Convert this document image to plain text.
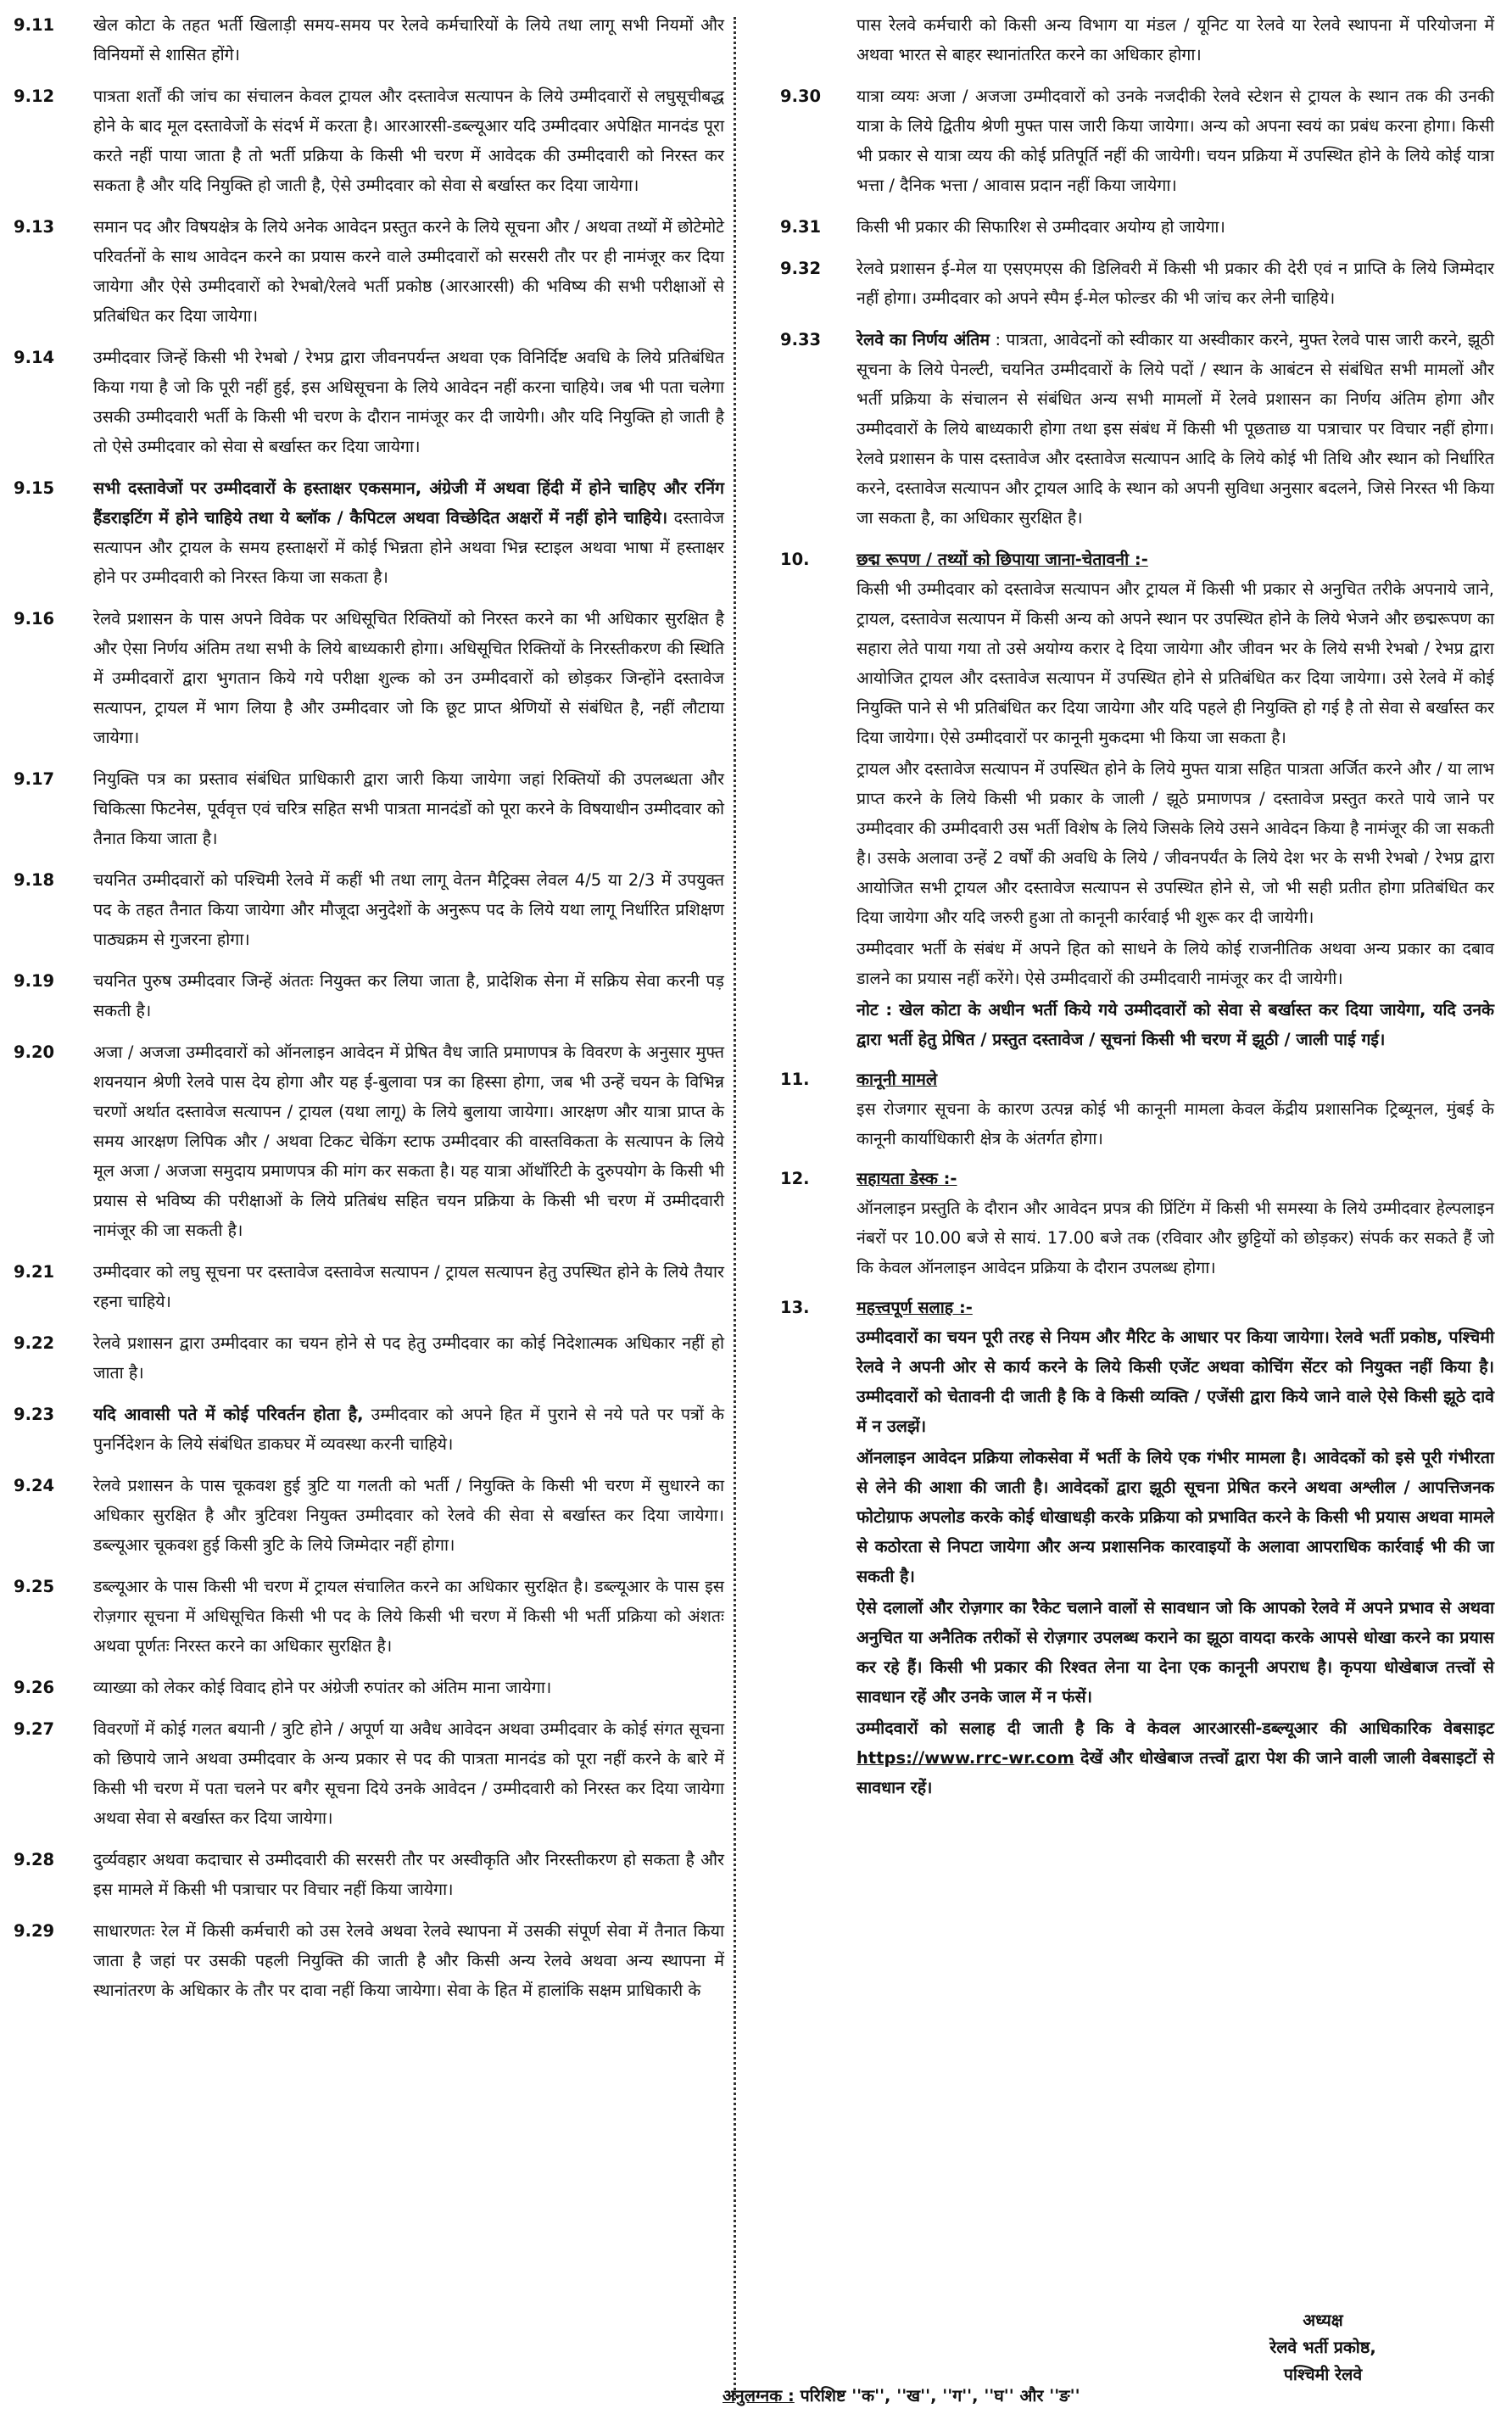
9.11	खेल कोटा के तहत भर्ती खिलाड़ी समय-समय पर रेलवे कर्मचारियों के लिये तथा लागू सभी नियमों और विनियमों से शासित होंगे।
9.12	पात्रता शर्तों की जांच का संचालन केवल ट्रायल और दस्तावेज सत्यापन के लिये उम्मीदवारों से लघुसूचीबद्ध होने के बाद मूल दस्तावेजों के संदर्भ में करता है। आरआरसी-डब्ल्यूआर यदि उम्मीदवार अपेक्षित मानदंड पूरा करते नहीं पाया जाता है तो भर्ती प्रक्रिया के किसी भी चरण में आवेदक की उम्मीदवारी को निरस्त कर सकता है और यदि नियुक्ति हो जाती है, ऐसे उम्मीदवार को सेवा से बर्खास्त कर दिया जायेगा।
9.13	समान पद और विषयक्षेत्र के लिये अनेक आवेदन प्रस्तुत करने के लिये सूचना और / अथवा तथ्यों में छोटेमोटे परिवर्तनों के साथ आवेदन करने का प्रयास करने वाले उम्मीदवारों को सरसरी तौर पर ही नामंजूर कर दिया जायेगा और ऐसे उम्मीदवारों को रेभबो/रेलवे भर्ती प्रकोष्ठ (आरआरसी) की भविष्य की सभी परीक्षाओं से प्रतिबंधित कर दिया जायेगा।
9.14	उम्मीदवार जिन्हें किसी भी रेभबो / रेभप्र द्वारा जीवनपर्यन्त अथवा एक विनिर्दिष्ट अवधि के लिये प्रतिबंधित किया गया है जो कि पूरी नहीं हुई, इस अधिसूचना के लिये आवेदन नहीं करना चाहिये। जब भी पता चलेगा उसकी उम्मीदवारी भर्ती के किसी भी चरण के दौरान नामंजूर कर दी जायेगी। और यदि नियुक्ति हो जाती है तो ऐसे उम्मीदवार को सेवा से बर्खास्त कर दिया जायेगा।
9.15	सभी दस्तावेजों पर उम्मीदवारों के हस्ताक्षर एकसमान, अंग्रेजी में अथवा हिंदी में होने चाहिए और रनिंग हैंडराइटिंग में होने चाहिये तथा ये ब्लॉक / कैपिटल अथवा विच्छेदित अक्षरों में नहीं होने चाहिये। दस्तावेज सत्यापन और ट्रायल के समय हस्ताक्षरों में कोई भिन्नता होने अथवा भिन्न स्टाइल अथवा भाषा में हस्ताक्षर होने पर उम्मीदवारी को निरस्त किया जा सकता है।
9.16	रेलवे प्रशासन के पास अपने विवेक पर अधिसूचित रिक्तियों को निरस्त करने का भी अधिकार सुरक्षित है और ऐसा निर्णय अंतिम तथा सभी के लिये बाध्यकारी होगा। अधिसूचित रिक्तियों के निरस्तीकरण की स्थिति में उम्मीदवारों द्वारा भुगतान किये गये परीक्षा शुल्क को उन उम्मीदवारों को छोड़कर जिन्होंने दस्तावेज सत्यापन, ट्रायल में भाग लिया है और उम्मीदवार जो कि छूट प्राप्त श्रेणियों से संबंधित है, नहीं लौटाया जायेगा।
9.17	नियुक्ति पत्र का प्रस्ताव संबंधित प्राधिकारी द्वारा जारी किया जायेगा जहां रिक्तियों की उपलब्धता और चिकित्सा फिटनेस, पूर्ववृत्त एवं चरित्र सहित सभी पात्रता मानदंडों को पूरा करने के विषयाधीन उम्मीदवार को तैनात किया जाता है।
9.18	चयनित उम्मीदवारों को पश्चिमी रेलवे में कहीं भी तथा लागू वेतन मैट्रिक्स लेवल 4/5 या 2/3 में उपयुक्त पद के तहत तैनात किया जायेगा और मौजूदा अनुदेशों के अनुरूप पद के लिये यथा लागू निर्धारित प्रशिक्षण पाठ्यक्रम से गुजरना होगा।
9.19	चयनित पुरुष उम्मीदवार जिन्हें अंततः नियुक्त कर लिया जाता है, प्रादेशिक सेना में सक्रिय सेवा करनी पड़ सकती है।
9.20	अजा / अजजा उम्मीदवारों को ऑनलाइन आवेदन में प्रेषित वैध जाति प्रमाणपत्र के विवरण के अनुसार मुफ्त शयनयान श्रेणी रेलवे पास देय होगा और यह ई-बुलावा पत्र का हिस्सा होगा, जब भी उन्हें चयन के विभिन्न चरणों अर्थात दस्तावेज सत्यापन / ट्रायल (यथा लागू) के लिये बुलाया जायेगा। आरक्षण और यात्रा प्राप्त के समय आरक्षण लिपिक और / अथवा टिकट चेकिंग स्टाफ उम्मीदवार की वास्तविकता के सत्यापन के लिये मूल अजा / अजजा समुदाय प्रमाणपत्र की मांग कर सकता है। यह यात्रा ऑथॉरिटी के दुरुपयोग के किसी भी प्रयास से भविष्य की परीक्षाओं के लिये प्रतिबंध सहित चयन प्रक्रिया के किसी भी चरण में उम्मीदवारी नामंजूर की जा सकती है।
9.21	उम्मीदवार को लघु सूचना पर दस्तावेज दस्तावेज सत्यापन / ट्रायल सत्यापन हेतु उपस्थित होने के लिये तैयार रहना चाहिये।
9.22	रेलवे प्रशासन द्वारा उम्मीदवार का चयन होने से पद हेतु उम्मीदवार का कोई निदेशात्मक अधिकार नहीं हो जाता है।
9.23	यदि आवासी पते में कोई परिवर्तन होता है, उम्मीदवार को अपने हित में पुराने से नये पते पर पत्रों के पुनर्निदेशन के लिये संबंधित डाकघर में व्यवस्था करनी चाहिये।
9.24	रेलवे प्रशासन के पास चूकवश हुई त्रुटि या गलती को भर्ती / नियुक्ति के किसी भी चरण में सुधारने का अधिकार सुरक्षित है और त्रुटिवश नियुक्त उम्मीदवार को रेलवे की सेवा से बर्खास्त कर दिया जायेगा। डब्ल्यूआर चूकवश हुई किसी त्रुटि के लिये जिम्मेदार नहीं होगा।
9.25	डब्ल्यूआर के पास किसी भी चरण में ट्रायल संचालित करने का अधिकार सुरक्षित है। डब्ल्यूआर के पास इस रोज़गार सूचना में अधिसूचित किसी भी पद के लिये किसी भी चरण में किसी भी भर्ती प्रक्रिया को अंशतः अथवा पूर्णतः निरस्त करने का अधिकार सुरक्षित है।
9.26	व्याख्या को लेकर कोई विवाद होने पर अंग्रेजी रुपांतर को अंतिम माना जायेगा।
9.27	विवरणों में कोई गलत बयानी / त्रुटि होने / अपूर्ण या अवैध आवेदन अथवा उम्मीदवार के कोई संगत सूचना को छिपाये जाने अथवा उम्मीदवार के अन्य प्रकार से पद की पात्रता मानदंड को पूरा नहीं करने के बारे में किसी भी चरण में पता चलने पर बगैर सूचना दिये उनके आवेदन / उम्मीदवारी को निरस्त कर दिया जायेगा अथवा सेवा से बर्खास्त कर दिया जायेगा।
9.28	दुर्व्यवहार अथवा कदाचार से उम्मीदवारी की सरसरी तौर पर अस्वीकृति और निरस्तीकरण हो सकता है और इस मामले में किसी भी पत्राचार पर विचार नहीं किया जायेगा।
9.29	साधारणतः रेल में किसी कर्मचारी को उस रेलवे अथवा रेलवे स्थापना में उसकी संपूर्ण सेवा में तैनात किया जाता है जहां पर उसकी पहली नियुक्ति की जाती है और किसी अन्य रेलवे अथवा अन्य स्थापना में स्थानांतरण के अधिकार के तौर पर दावा नहीं किया जायेगा। सेवा के हित में हालांकि सक्षम प्राधिकारी के
पास रेलवे कर्मचारी को किसी अन्य विभाग या मंडल / यूनिट या रेलवे या रेलवे स्थापना में परियोजना में अथवा भारत से बाहर स्थानांतरित करने का अधिकार होगा।
9.30	यात्रा व्ययः अजा / अजजा उम्मीदवारों को उनके नजदीकी रेलवे स्टेशन से ट्रायल के स्थान तक की उनकी यात्रा के लिये द्वितीय श्रेणी मुफ्त पास जारी किया जायेगा। अन्य को अपना स्वयं का प्रबंध करना होगा। किसी भी प्रकार से यात्रा व्यय की कोई प्रतिपूर्ति नहीं की जायेगी। चयन प्रक्रिया में उपस्थित होने के लिये कोई यात्रा भत्ता / दैनिक भत्ता / आवास प्रदान नहीं किया जायेगा।
9.31	किसी भी प्रकार की सिफारिश से उम्मीदवार अयोग्य हो जायेगा।
9.32	रेलवे प्रशासन ई-मेल या एसएमएस की डिलिवरी में किसी भी प्रकार की देरी एवं न प्राप्ति के लिये जिम्मेदार नहीं होगा। उम्मीदवार को अपने स्पैम ई-मेल फोल्डर की भी जांच कर लेनी चाहिये।
9.33	रेलवे का निर्णय अंतिम : पात्रता, आवेदनों को स्वीकार या अस्वीकार करने, मुफ्त रेलवे पास जारी करने, झूठी सूचना के लिये पेनल्टी, चयनित उम्मीदवारों के लिये पदों / स्थान के आबंटन से संबंधित सभी मामलों और भर्ती प्रक्रिया के संचालन से संबंधित अन्य सभी मामलों में रेलवे प्रशासन का निर्णय अंतिम होगा और उम्मीदवारों के लिये बाध्यकारी होगा तथा इस संबंध में किसी भी पूछताछ या पत्राचार पर विचार नहीं होगा। रेलवे प्रशासन के पास दस्तावेज और दस्तावेज सत्यापन आदि के लिये कोई भी तिथि और स्थान को निर्धारित करने, दस्तावेज सत्यापन और ट्रायल आदि के स्थान को अपनी सुविधा अनुसार बदलने, जिसे निरस्त भी किया जा सकता है, का अधिकार सुरक्षित है।
10.	छद्म रूपण / तथ्यों को छिपाया जाना-चेतावनी :-

किसी भी उम्मीदवार को दस्तावेज सत्यापन और ट्रायल में किसी भी प्रकार से अनुचित तरीके अपनाये जाने, ट्रायल, दस्तावेज सत्यापन में किसी अन्य को अपने स्थान पर उपस्थित होने के लिये भेजने और छद्मरूपण का सहारा लेते पाया गया तो उसे अयोग्य करार दे दिया जायेगा और जीवन भर के लिये सभी रेभबो / रेभप्र द्वारा आयोजित ट्रायल और दस्तावेज सत्यापन में उपस्थित होने से प्रतिबंधित कर दिया जायेगा। उसे रेलवे में कोई नियुक्ति पाने से भी प्रतिबंधित कर दिया जायेगा और यदि पहले ही नियुक्ति हो गई है तो सेवा से बर्खास्त कर दिया जायेगा। ऐसे उम्मीदवारों पर कानूनी मुकदमा भी किया जा सकता है।

ट्रायल और दस्तावेज सत्यापन में उपस्थित होने के लिये मुफ्त यात्रा सहित पात्रता अर्जित करने और / या लाभ प्राप्त करने के लिये किसी भी प्रकार के जाली / झूठे प्रमाणपत्र / दस्तावेज प्रस्तुत करते पाये जाने पर उम्मीदवार की उम्मीदवारी उस भर्ती विशेष के लिये जिसके लिये उसने आवेदन किया है नामंजूर की जा सकती है। उसके अलावा उन्हें 2 वर्षों की अवधि के लिये / जीवनपर्यंत के लिये देश भर के सभी रेभबो / रेभप्र द्वारा आयोजित सभी ट्रायल और दस्तावेज सत्यापन से उपस्थित होने से, जो भी सही प्रतीत होगा प्रतिबंधित कर दिया जायेगा और यदि जरुरी हुआ तो कानूनी कार्रवाई भी शुरू कर दी जायेगी।

उम्मीदवार भर्ती के संबंध में अपने हित को साधने के लिये कोई राजनीतिक अथवा अन्य प्रकार का दबाव डालने का प्रयास नहीं करेंगे। ऐसे उम्मीदवारों की उम्मीदवारी नामंजूर कर दी जायेगी।

नोट : खेल कोटा के अधीन भर्ती किये गये उम्मीदवारों को सेवा से बर्खास्त कर दिया जायेगा, यदि उनके द्वारा भर्ती हेतु प्रेषित / प्रस्तुत दस्तावेज / सूचनां किसी भी चरण में झूठी / जाली पाई गई।

11.	कानूनी मामले

इस रोजगार सूचना के कारण उत्पन्न कोई भी कानूनी मामला केवल केंद्रीय प्रशासनिक ट्रिब्यूनल, मुंबई के कानूनी कार्याधिकारी क्षेत्र के अंतर्गत होगा।

12.	सहायता डेस्क :-

ऑनलाइन प्रस्तुति के दौरान और आवेदन प्रपत्र की प्रिंटिंग में किसी भी समस्या के लिये उम्मीदवार हेल्पलाइन नंबरों पर 10.00 बजे से सायं. 17.00 बजे तक (रविवार और छुट्टियों को छोड़कर) संपर्क कर सकते हैं जो कि केवल ऑनलाइन आवेदन प्रक्रिया के दौरान उपलब्ध होगा।

13.	महत्त्वपूर्ण सलाह :-

उम्मीदवारों का चयन पूरी तरह से नियम और मैरिट के आधार पर किया जायेगा। रेलवे भर्ती प्रकोष्ठ, पश्चिमी रेलवे ने अपनी ओर से कार्य करने के लिये किसी एजेंट अथवा कोचिंग सेंटर को नियुक्त नहीं किया है। उम्मीदवारों को चेतावनी दी जाती है कि वे किसी व्यक्ति / एजेंसी द्वारा किये जाने वाले ऐसे किसी झूठे दावे में न उलझें।

ऑनलाइन आवेदन प्रक्रिया लोकसेवा में भर्ती के लिये एक गंभीर मामला है। आवेदकों को इसे पूरी गंभीरता से लेने की आशा की जाती है। आवेदकों द्वारा झूठी सूचना प्रेषित करने अथवा अश्लील / आपत्तिजनक फोटोग्राफ अपलोड करके कोई धोखाधड़ी करके प्रक्रिया को प्रभावित करने के किसी भी प्रयास अथवा मामले से कठोरता से निपटा जायेगा और अन्य प्रशासनिक कारवाइयों के अलावा आपराधिक कार्रवाई भी की जा सकती है।

ऐसे दलालों और रोज़गार का रैकेट चलाने वालों से सावधान जो कि आपको रेलवे में अपने प्रभाव से अथवा अनुचित या अनैतिक तरीकों से रोज़गार उपलब्ध कराने का झूठा वायदा करके आपसे धोखा करने का प्रयास कर रहे हैं। किसी भी प्रकार की रिश्वत लेना या देना एक कानूनी अपराध है। कृपया धोखेबाज तत्त्वों से सावधान रहें और उनके जाल में न फंसें।

उम्मीदवारों को सलाह दी जाती है कि वे केवल आरआरसी-डब्ल्यूआर की आधिकारिक वेबसाइट https://www.rrc-wr.com देखें और धोखेबाज तत्त्वों द्वारा पेश की जाने वाली जाली वेबसाइटों से सावधान रहें।

अध्यक्ष
रेलवे भर्ती प्रकोष्ठ,
पश्चिमी रेलवे
अनुलग्नक : परिशिष्ट ''क'', ''ख'', ''ग'', ''घ'' और ''ङ''
